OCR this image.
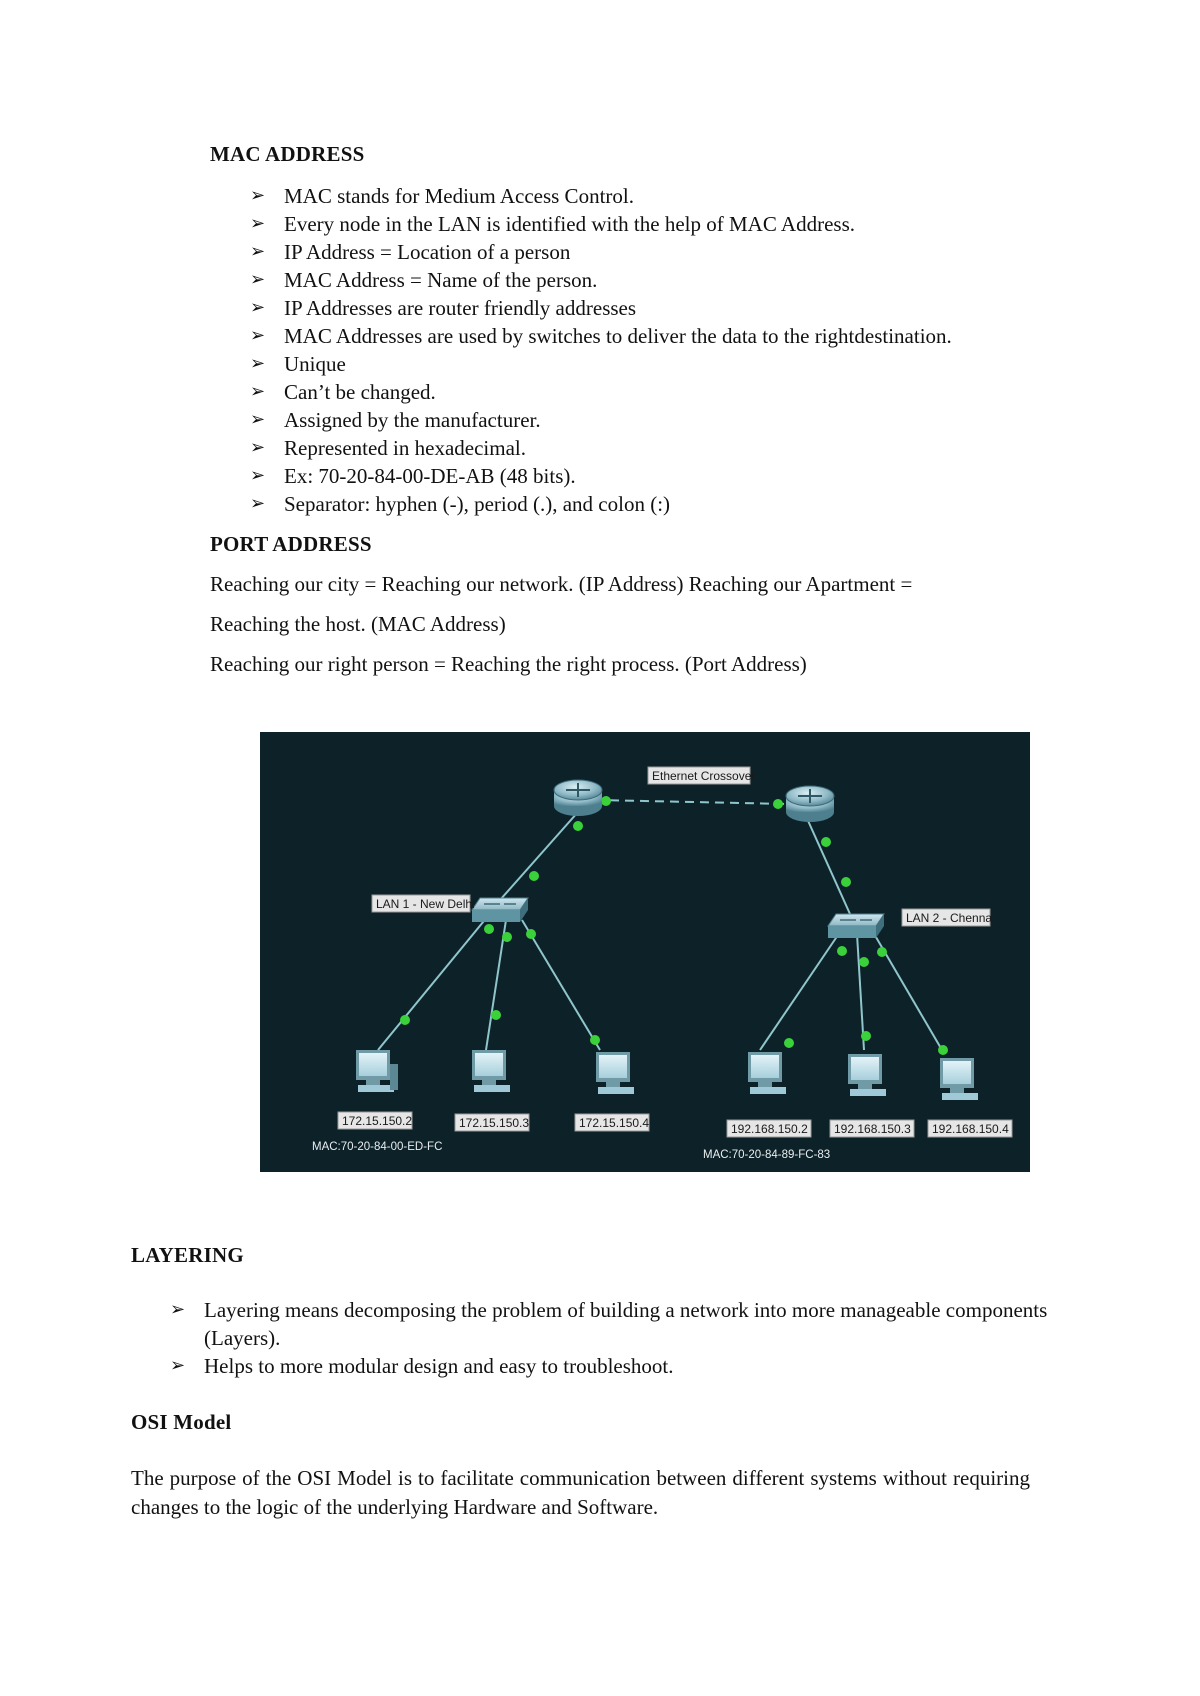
MAC ADDRESS
➢ MAC stands for Medium Access Control.
➢ Every node in the LAN is identified with the help of MAC Address.
➢ IP Address = Location of a person
➢ MAC Address = Name of the person.
➢ IP Addresses are router friendly addresses
➢ MAC Addresses are used by switches to deliver the data to the rightdestination.
➢ Unique
➢ Can’t be changed.
➢ Assigned by the manufacturer.
➢ Represented in hexadecimal.
➢ Ex: 70-20-84-00-DE-AB (48 bits).
➢ Separator: hyphen (-), period (.), and colon (:)
PORT ADDRESS
Reaching our city = Reaching our network. (IP Address) Reaching our Apartment =
Reaching the host. (MAC Address)
Reaching our right person = Reaching the right process. (Port Address)
Ethernet Crossover
LAN 1 - New Delhi
LAN 2 - Chennai
172.15.150.2	172.15.150.3	172.15.150.4	192.168.150.2 192.168.150.3 192.168.150.4
MAC:70-20-84-00-ED-FC
MAC:70-20-84-89-FC-83
LAYERING
➢ Layering means decomposing the problem of building a network into more manageable components (Layers).
➢ Helps to more modular design and easy to troubleshoot.
OSI Model
The purpose of the OSI Model is to facilitate communication between different systems without requiring changes to the logic of the underlying Hardware and Software.
